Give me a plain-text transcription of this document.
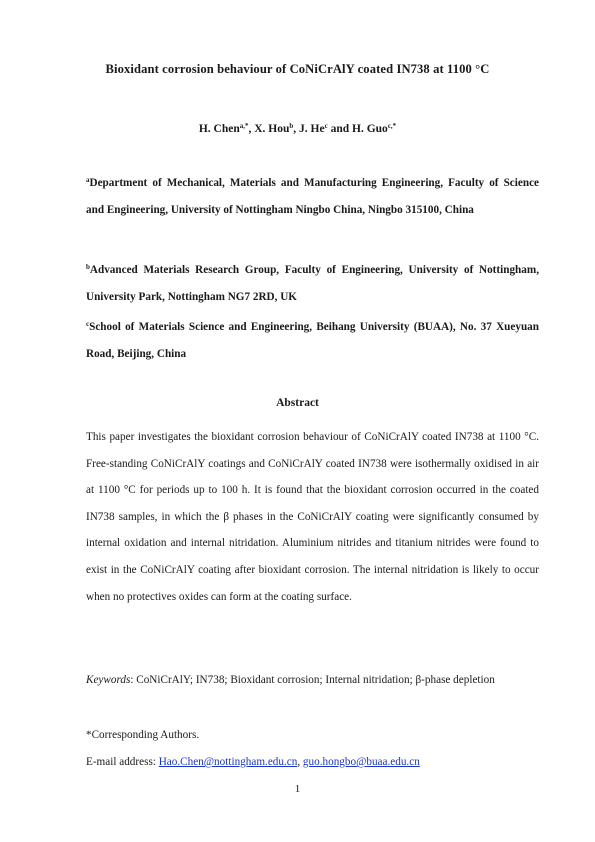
Bioxidant corrosion behaviour of CoNiCrAlY coated IN738 at 1100 °C
H. Chen$^{a,*}$, X. Hou$^b$, J. He$^c$ and H. Guo$^{c,*}$
$^a$Department of Mechanical, Materials and Manufacturing Engineering, Faculty of Science and Engineering, University of Nottingham Ningbo China, Ningbo 315100, China
$^b$Advanced Materials Research Group, Faculty of Engineering, University of Nottingham, University Park, Nottingham NG7 2RD, UK
$^c$School of Materials Science and Engineering, Beihang University (BUAA), No. 37 Xueyuan Road, Beijing, China
Abstract
This paper investigates the bioxidant corrosion behaviour of CoNiCrAlY coated IN738 at 1100 °C. Free-standing CoNiCrAlY coatings and CoNiCrAlY coated IN738 were isothermally oxidised in air at 1100 °C for periods up to 100 h. It is found that the bioxidant corrosion occurred in the coated IN738 samples, in which the β phases in the CoNiCrAlY coating were significantly consumed by internal oxidation and internal nitridation. Aluminium nitrides and titanium nitrides were found to exist in the CoNiCrAlY coating after bioxidant corrosion. The internal nitridation is likely to occur when no protectives oxides can form at the coating surface.
Keywords: CoNiCrAlY; IN738; Bioxidant corrosion; Internal nitridation; β-phase depletion
*Corresponding Authors.
E-mail address: Hao.Chen@nottingham.edu.cn, guo.hongbo@buaa.edu.cn
1
